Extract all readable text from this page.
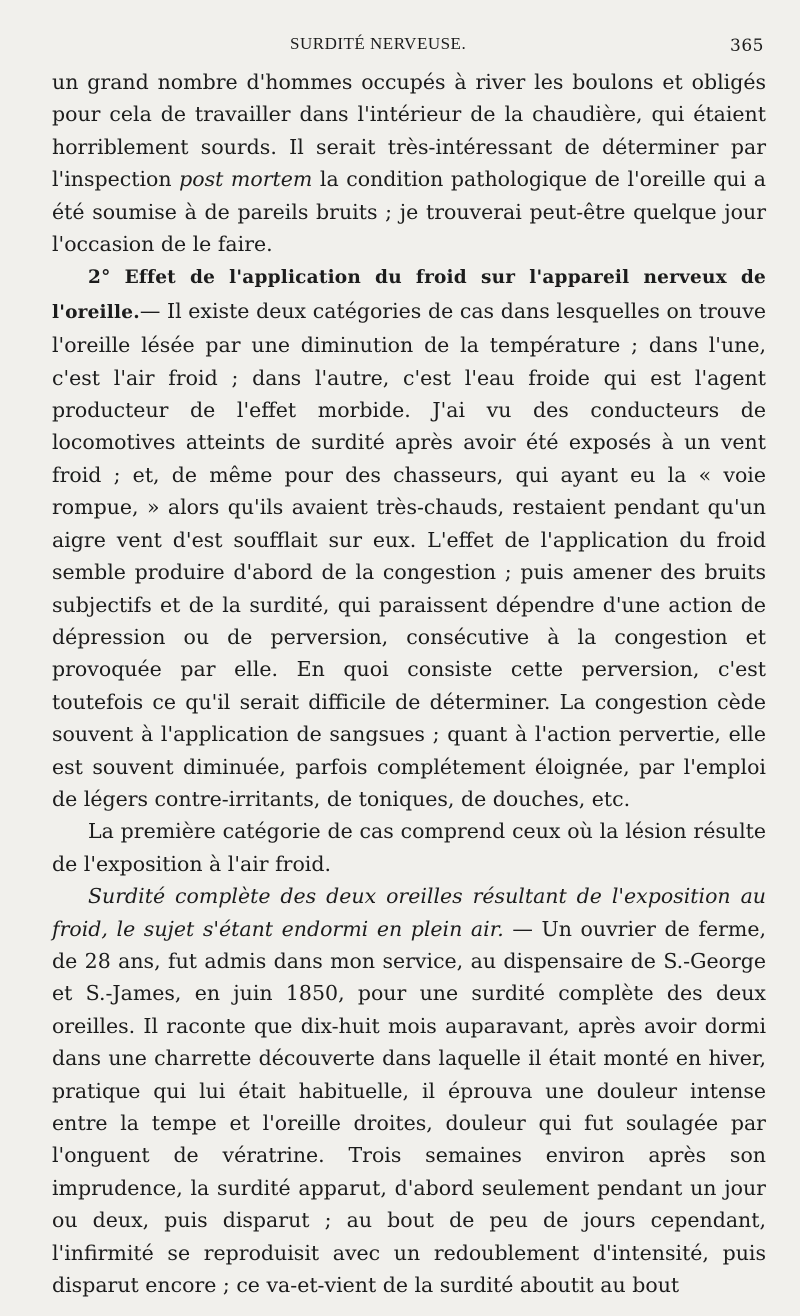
SURDITÉ NERVEUSE.	365

un grand nombre d'hommes occupés à river les boulons et obligés pour cela de travailler dans l'intérieur de la chaudière, qui étaient horriblement sourds. Il serait très-intéressant de déterminer par l'inspection post mortem la condition pathologique de l'oreille qui a été soumise à de pareils bruits ; je trouverai peut-être quelque jour l'occasion de le faire.

2° Effet de l'application du froid sur l'appareil nerveux de l'oreille.— Il existe deux catégories de cas dans lesquelles on trouve l'oreille lésée par une diminution de la température ; dans l'une, c'est l'air froid ; dans l'autre, c'est l'eau froide qui est l'agent producteur de l'effet morbide. J'ai vu des conducteurs de locomotives atteints de surdité après avoir été exposés à un vent froid ; et, de même pour des chasseurs, qui ayant eu la « voie rompue, » alors qu'ils avaient très-chauds, restaient pendant qu'un aigre vent d'est soufflait sur eux. L'effet de l'application du froid semble produire d'abord de la congestion ; puis amener des bruits subjectifs et de la surdité, qui paraissent dépendre d'une action de dépression ou de perversion, consécutive à la congestion et provoquée par elle. En quoi consiste cette perversion, c'est toutefois ce qu'il serait difficile de déterminer. La congestion cède souvent à l'application de sangsues ; quant à l'action pervertie, elle est souvent diminuée, parfois complétement éloignée, par l'emploi de légers contre-irritants, de toniques, de douches, etc.

La première catégorie de cas comprend ceux où la lésion résulte de l'exposition à l'air froid.

Surdité complète des deux oreilles résultant de l'exposition au froid, le sujet s'étant endormi en plein air. — Un ouvrier de ferme, de 28 ans, fut admis dans mon service, au dispensaire de S.-George et S.-James, en juin 1850, pour une surdité complète des deux oreilles. Il raconte que dix-huit mois auparavant, après avoir dormi dans une charrette découverte dans laquelle il était monté en hiver, pratique qui lui était habituelle, il éprouva une douleur intense entre la tempe et l'oreille droites, douleur qui fut soulagée par l'onguent de vératrine. Trois semaines environ après son imprudence, la surdité apparut, d'abord seulement pendant un jour ou deux, puis disparut ; au bout de peu de jours cependant, l'infirmité se reproduisit avec un redoublement d'intensité, puis disparut encore ; ce va-et-vient de la surdité aboutit au bout
